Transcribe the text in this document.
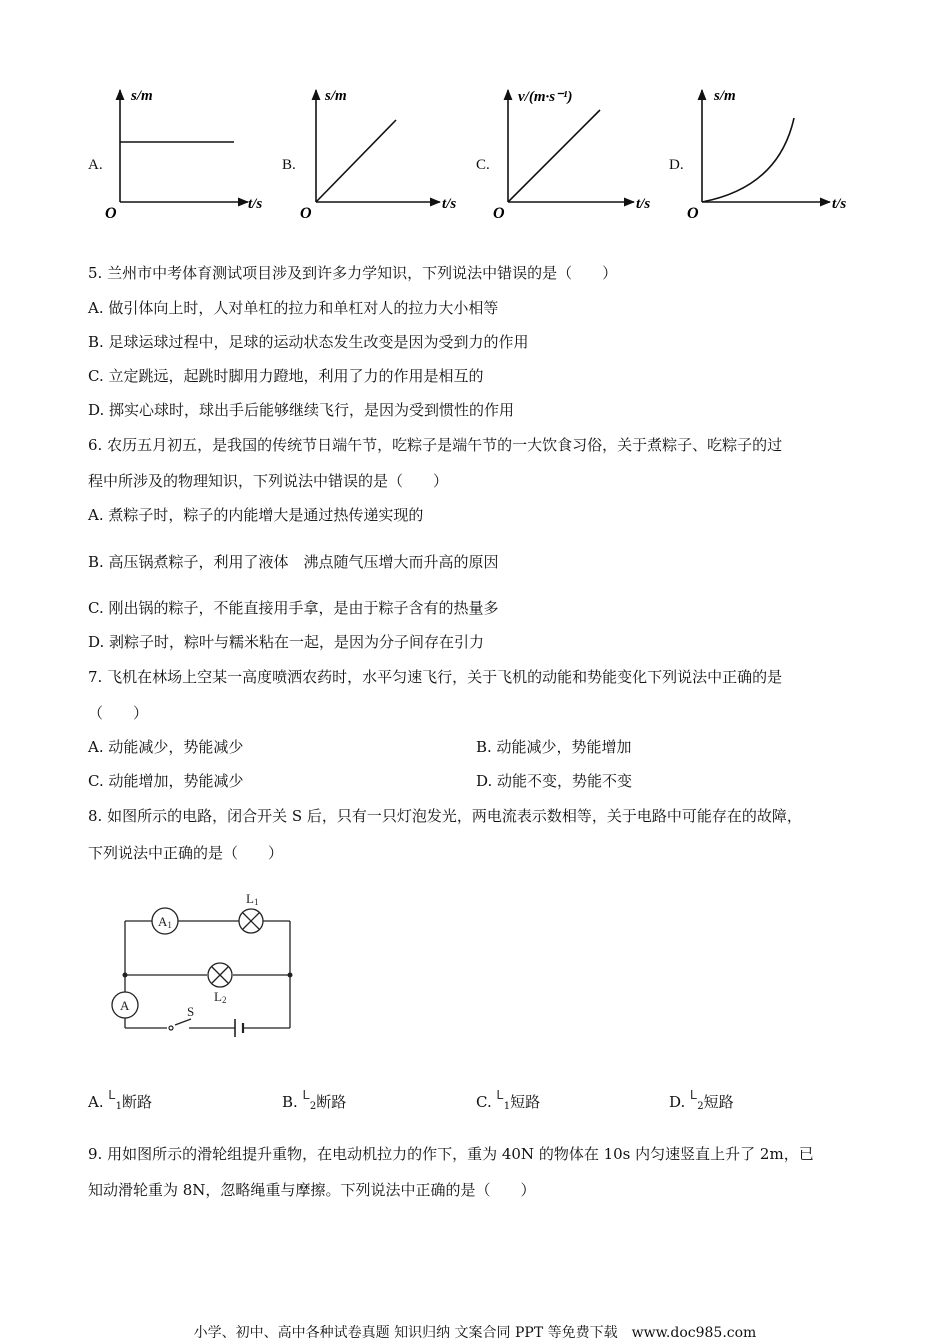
A.	B.	C.	D.
s/m
t/s
O
s/m
t/s
O
v/(m·s⁻¹)
t/s
O
s/m
t/s
O
5. 兰州市中考体育测试项目涉及到许多力学知识，下列说法中错误的是（　　）
A. 做引体向上时，人对单杠的拉力和单杠对人的拉力大小相等
B. 足球运球过程中，足球的运动状态发生改变是因为受到力的作用
C. 立定跳远，起跳时脚用力蹬地，利用了力的作用是相互的
D. 掷实心球时，球出手后能够继续飞行，是因为受到惯性的作用
6. 农历五月初五，是我国的传统节日端午节，吃粽子是端午节的一大饮食习俗，关于煮粽子、吃粽子的过
程中所涉及的物理知识，下列说法中错误的是（　　）
A. 煮粽子时，粽子的内能增大是通过热传递实现的
B. 高压锅煮粽子，利用了液体　沸点随气压增大而升高的原因
C. 刚出锅的粽子，不能直接用手拿，是由于粽子含有的热量多
D. 剥粽子时，粽叶与糯米粘在一起，是因为分子间存在引力
7. 飞机在林场上空某一高度喷洒农药时，水平匀速飞行，关于飞机的动能和势能变化下列说法中正确的是
（　　）
A. 动能减少，势能减少	B. 动能减少，势能增加
C. 动能增加，势能减少	D. 动能不变，势能不变
8. 如图所示的电路，闭合开关 S 后，只有一只灯泡发光，两电流表示数相等，关于电路中可能存在的故障，
下列说法中正确的是（　　）
A1
L1
L2
A	S
A. $L_1$断路	B. $L_2$断路	C. $L_1$短路	D. $L_2$短路
9. 用如图所示的滑轮组提升重物，在电动机拉力的作下，重为 40N 的物体在 10s 内匀速竖直上升了 2m，已
知动滑轮重为 8N，忽略绳重与摩擦。下列说法中正确的是（　　）
小学、初中、高中各种试卷真题 知识归纳 文案合同 PPT 等免费下载　www.doc985.com
